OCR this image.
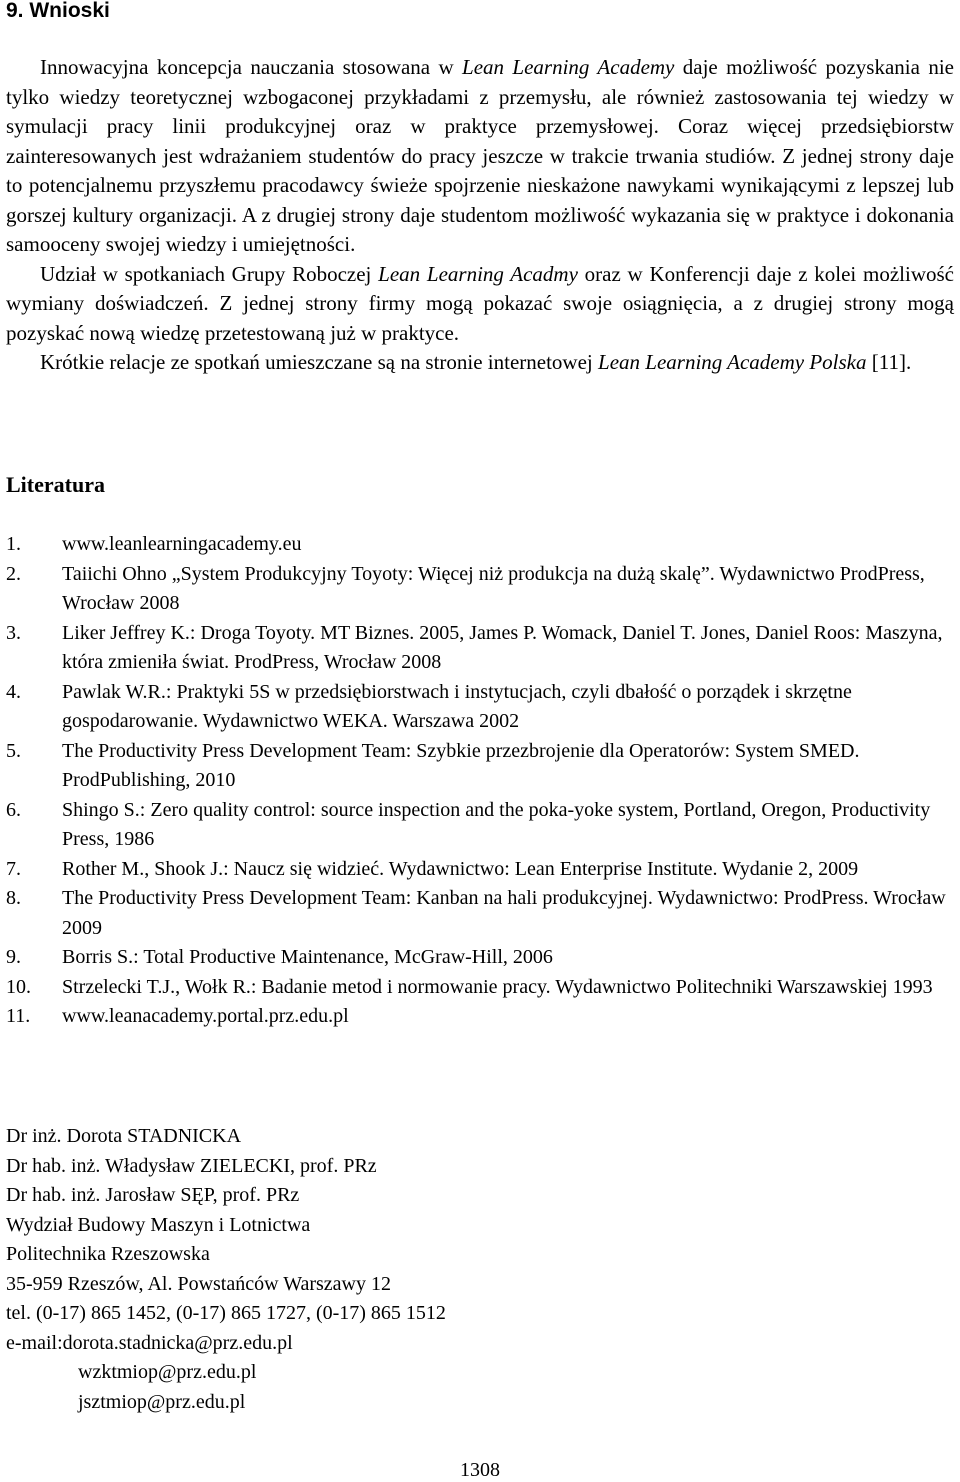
9. Wnioski

Innowacyjna koncepcja nauczania stosowana w Lean Learning Academy daje możliwość pozyskania nie tylko wiedzy teoretycznej wzbogaconej przykładami z przemysłu, ale również zastosowania tej wiedzy w symulacji pracy linii produkcyjnej oraz w praktyce przemysłowej. Coraz więcej przedsiębiorstw zainteresowanych jest wdrażaniem studentów do pracy jeszcze w trakcie trwania studiów. Z jednej strony daje to potencjalnemu przyszłemu pracodawcy świeże spojrzenie nieskażone nawykami wynikającymi z lepszej lub gorszej kultury organizacji. A z drugiej strony daje studentom możliwość wykazania się w praktyce i dokonania samooceny swojej wiedzy i umiejętności.

Udział w spotkaniach Grupy Roboczej Lean Learning Acadmy oraz w Konferencji daje z kolei możliwość wymiany doświadczeń. Z jednej strony firmy mogą pokazać swoje osiągnięcia, a z drugiej strony mogą pozyskać nową wiedzę przetestowaną już w praktyce.

Krótkie relacje ze spotkań umieszczane są na stronie internetowej Lean Learning Academy Polska [11].

Literatura
1. www.leanlearningacademy.eu
2. Taiichi Ohno „System Produkcyjny Toyoty: Więcej niż produkcja na dużą skalę”. Wydawnictwo ProdPress, Wrocław 2008
3. Liker Jeffrey K.: Droga Toyoty. MT Biznes. 2005, James P. Womack, Daniel T. Jones, Daniel Roos: Maszyna, która zmieniła świat. ProdPress, Wrocław 2008
4. Pawlak W.R.: Praktyki 5S w przedsiębiorstwach i instytucjach, czyli dbałość o porządek i skrzętne gospodarowanie. Wydawnictwo WEKA. Warszawa 2002
5. The Productivity Press Development Team: Szybkie przezbrojenie dla Operatorów: System SMED. ProdPublishing, 2010
6. Shingo S.: Zero quality control: source inspection and the poka-yoke system, Portland, Oregon, Productivity Press, 1986
7. Rother M., Shook J.: Naucz się widzieć. Wydawnictwo: Lean Enterprise Institute. Wydanie 2, 2009
8. The Productivity Press Development Team: Kanban na hali produkcyjnej. Wydawnictwo: ProdPress. Wrocław 2009
9. Borris S.: Total Productive Maintenance, McGraw-Hill, 2006
10. Strzelecki T.J., Wołk R.: Badanie metod i normowanie pracy. Wydawnictwo Politechniki Warszawskiej 1993
11. www.leanacademy.portal.prz.edu.pl
Dr inż. Dorota STADNICKA
Dr hab. inż. Władysław ZIELECKI, prof. PRz
Dr hab. inż. Jarosław SĘP, prof. PRz
Wydział Budowy Maszyn i Lotnictwa
Politechnika Rzeszowska
35-959 Rzeszów, Al. Powstańców Warszawy 12
tel. (0-17) 865 1452, (0-17) 865 1727, (0-17) 865 1512
e-mail:dorota.stadnicka@prz.edu.pl
wzktmiop@prz.edu.pl
jsztmiop@prz.edu.pl
1308
